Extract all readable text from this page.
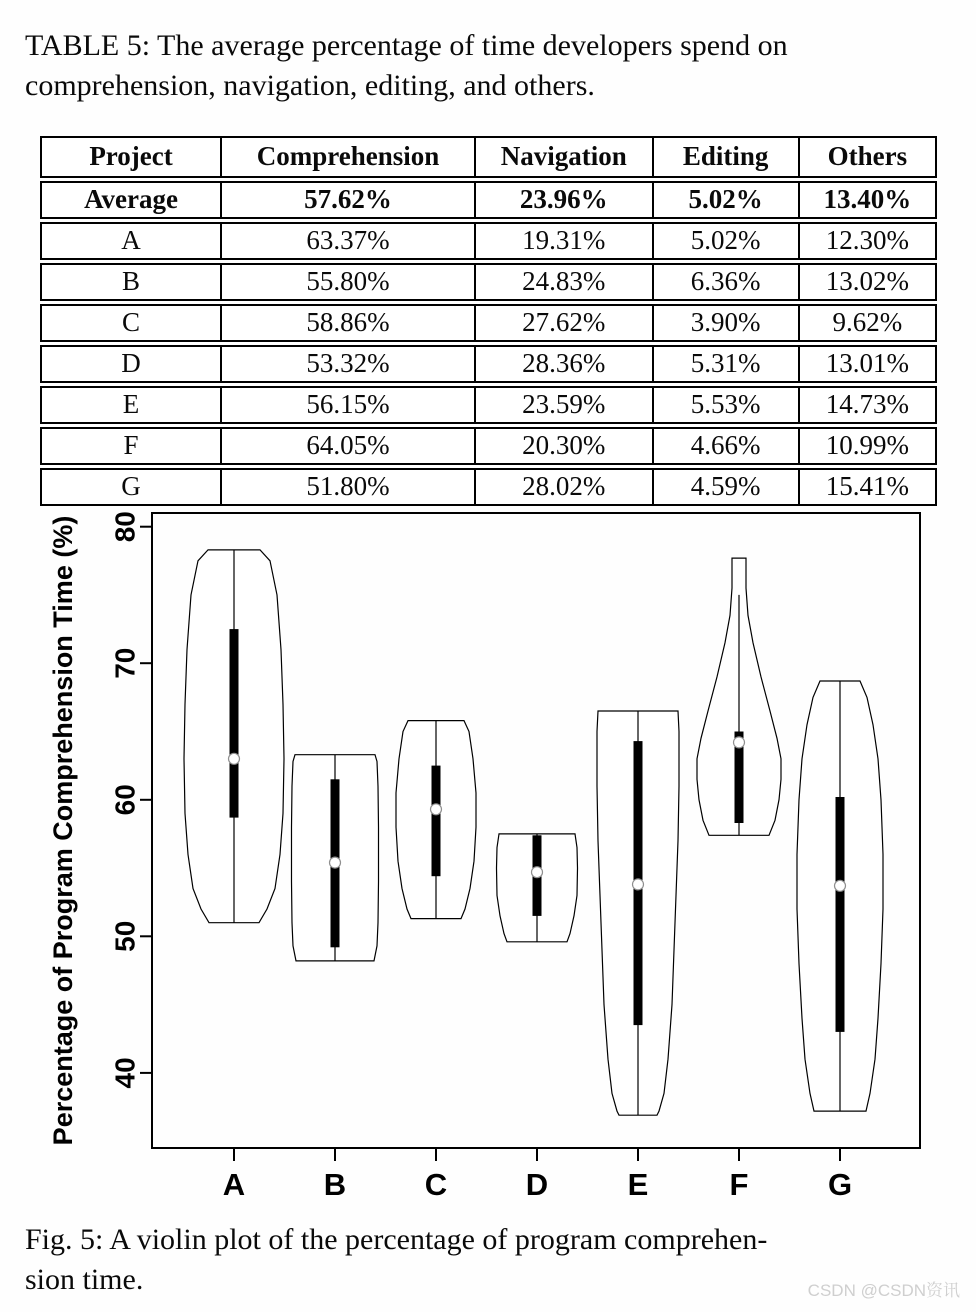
TABLE 5: The average percentage of time developers spend on
comprehension, navigation, editing, and others.
Project	Comprehension	Navigation	Editing	Others
Average	57.62%	23.96%	5.02%	13.40%
A	63.37%	19.31%	5.02%	12.30%
B	55.80%	24.83%	6.36%	13.02%
C	58.86%	27.62%	3.90%	9.62%
D	53.32%	28.36%	5.31%	13.01%
E	56.15%	23.59%	5.53%	14.73%
F	64.05%	20.30%	4.66%	10.99%
G	51.80%	28.02%	4.59%	15.41%
40
50
60
70
80
Percentage of Program Comprehension Time (%)
A	B	C	D	E	F	G
Fig. 5: A violin plot of the percentage of program comprehen-
sion time.	CSDN @CSDN资讯
